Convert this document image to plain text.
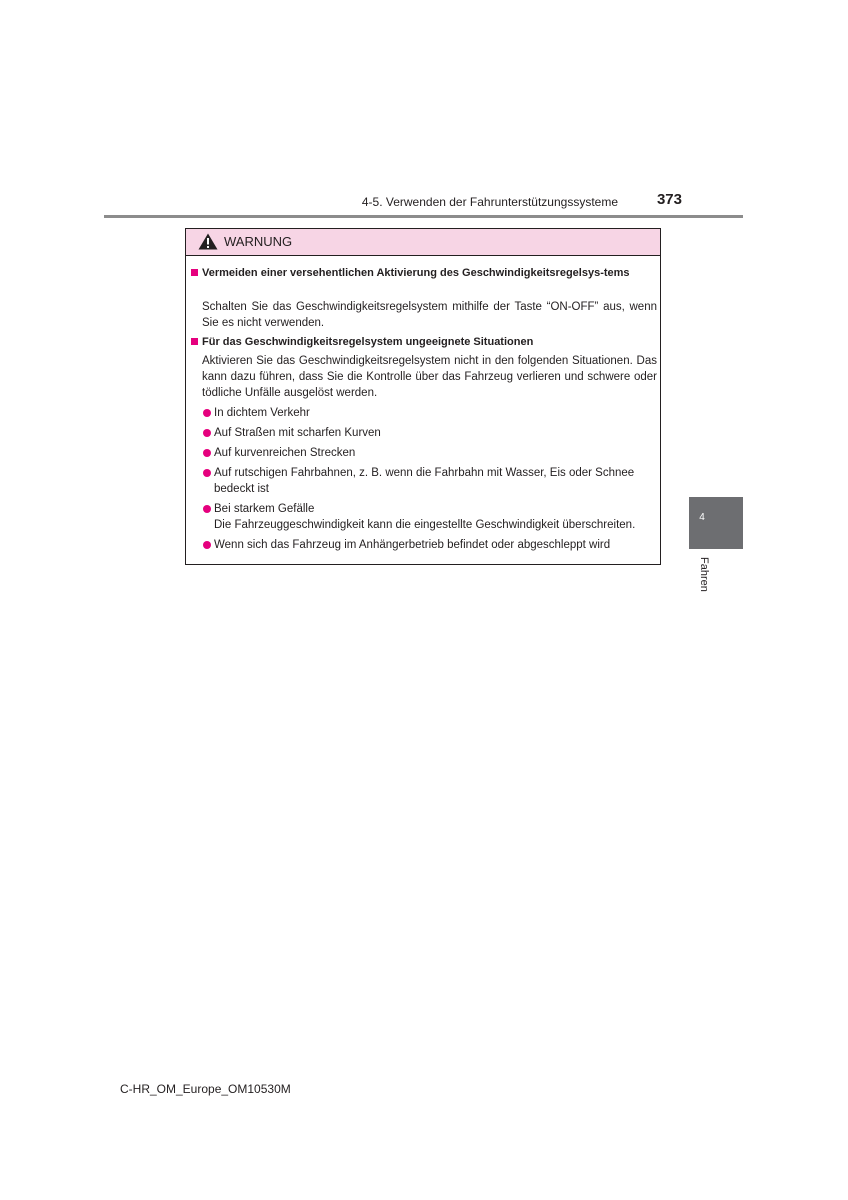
4-5. Verwenden der Fahrunterstützungssysteme	373
4
Fahren
WARNUNG
Vermeiden einer versehentlichen Aktivierung des Geschwindigkeitsregelsys-tems
Schalten Sie das Geschwindigkeitsregelsystem mithilfe der Taste “ON-OFF” aus, wenn Sie es nicht verwenden.
Für das Geschwindigkeitsregelsystem ungeeignete Situationen
Aktivieren Sie das Geschwindigkeitsregelsystem nicht in den folgenden Situationen. Das kann dazu führen, dass Sie die Kontrolle über das Fahrzeug verlieren und schwere oder tödliche Unfälle ausgelöst werden.
In dichtem Verkehr
Auf Straßen mit scharfen Kurven
Auf kurvenreichen Strecken
Auf rutschigen Fahrbahnen, z. B. wenn die Fahrbahn mit Wasser, Eis oder Schnee bedeckt ist
Bei starkem Gefälle
Die Fahrzeuggeschwindigkeit kann die eingestellte Geschwindigkeit überschreiten.
Wenn sich das Fahrzeug im Anhängerbetrieb befindet oder abgeschleppt wird
C-HR_OM_Europe_OM10530M
